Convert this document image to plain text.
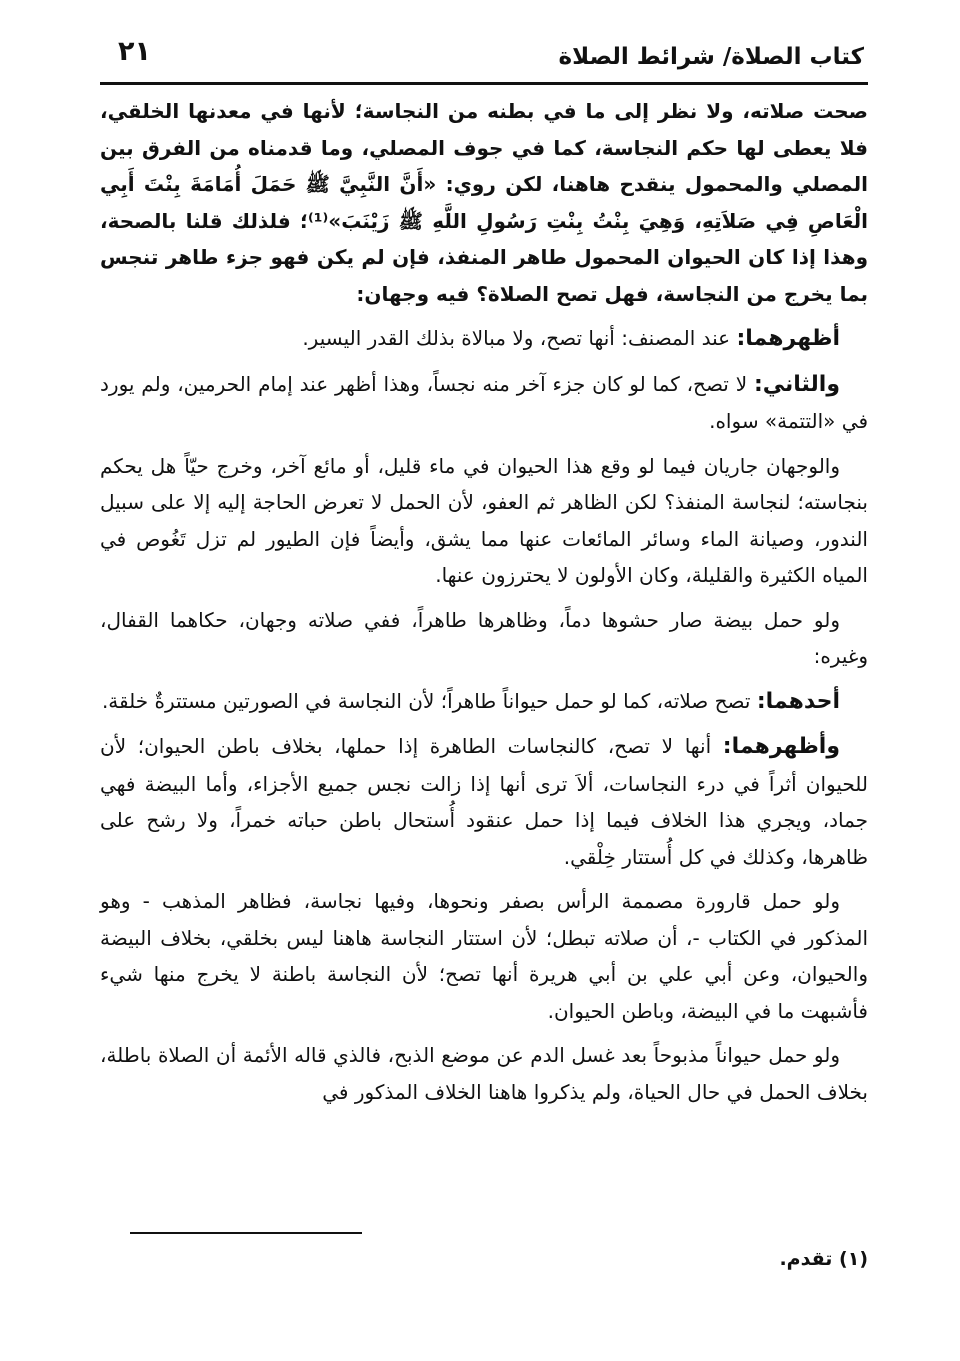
كتاب الصلاة/ شرائط الصلاة
٢١

صحت صلاته، ولا نظر إلى ما في بطنه من النجاسة؛ لأنها في معدنها الخلقي، فلا يعطى لها حكم النجاسة، كما في جوف المصلي، وما قدمناه من الفرق بين المصلي والمحمول ينقدح هاهنا، لكن روي: «أَنَّ النَّبِيَّ ﷺ حَمَلَ أُمَامَةَ بِنْتَ أَبِي الْعَاصِ فِي صَلاَتِهِ، وَهِيَ بِنْتُ بِنْتِ رَسُولِ اللَّهِ ﷺ زَيْنَبَ»⁽¹⁾؛ فلذلك قلنا بالصحة، وهذا إذا كان الحيوان المحمول طاهر المنفذ، فإن لم يكن فهو جزء طاهر تنجس بما يخرج من النجاسة، فهل تصح الصلاة؟ فيه وجهان:

أظهرهما: عند المصنف: أنها تصح، ولا مبالاة بذلك القدر اليسير.

والثاني: لا تصح، كما لو كان جزء آخر منه نجساً، وهذا أظهر عند إمام الحرمين، ولم يورد في «التتمة» سواه.

والوجهان جاريان فيما لو وقع هذا الحيوان في ماء قليل، أو مائع آخر، وخرج حيّاً هل يحكم بنجاسته؛ لنجاسة المنفذ؟ لكن الظاهر ثم العفو، لأن الحمل لا تعرض الحاجة إليه إلا على سبيل الندور، وصيانة الماء وسائر المائعات عنها مما يشق، وأيضاً فإن الطيور لم تزل تَغُوص في المياه الكثيرة والقليلة، وكان الأولون لا يحترزون عنها.

ولو حمل بيضة صار حشوها دماً، وظاهرها طاهراً، ففي صلاته وجهان، حكاهما القفال، وغيره:

أحدهما: تصح صلاته، كما لو حمل حيواناً طاهراً؛ لأن النجاسة في الصورتين مستترةٌ خلقة.

وأظهرهما: أنها لا تصح، كالنجاسات الطاهرة إذا حملها، بخلاف باطن الحيوان؛ لأن للحيوان أثراً في درء النجاسات، ألاَ ترى أنها إذا زالت نجس جميع الأجزاء، وأما البيضة فهي جماد، ويجري هذا الخلاف فيما إذا حمل عنقود أُستحال باطن حباته خمراً، ولا رشح على ظاهرها، وكذلك في كل أُستتار خِلْقي.

ولو حمل قارورة مصممة الرأس بصفر ونحوها، وفيها نجاسة، فظاهر المذهب - وهو المذكور في الكتاب -، أن صلاته تبطل؛ لأن استتار النجاسة هاهنا ليس بخلقي، بخلاف البيضة والحيوان، وعن أبي علي بن أبي هريرة أنها تصح؛ لأن النجاسة باطنة لا يخرج منها شيء فأشبهت ما في البيضة، وباطن الحيوان.

ولو حمل حيواناً مذبوحاً بعد غسل الدم عن موضع الذبح، فالذي قاله الأئمة أن الصلاة باطلة، بخلاف الحمل في حال الحياة، ولم يذكروا هاهنا الخلاف المذكور في

(١) تقدم.
